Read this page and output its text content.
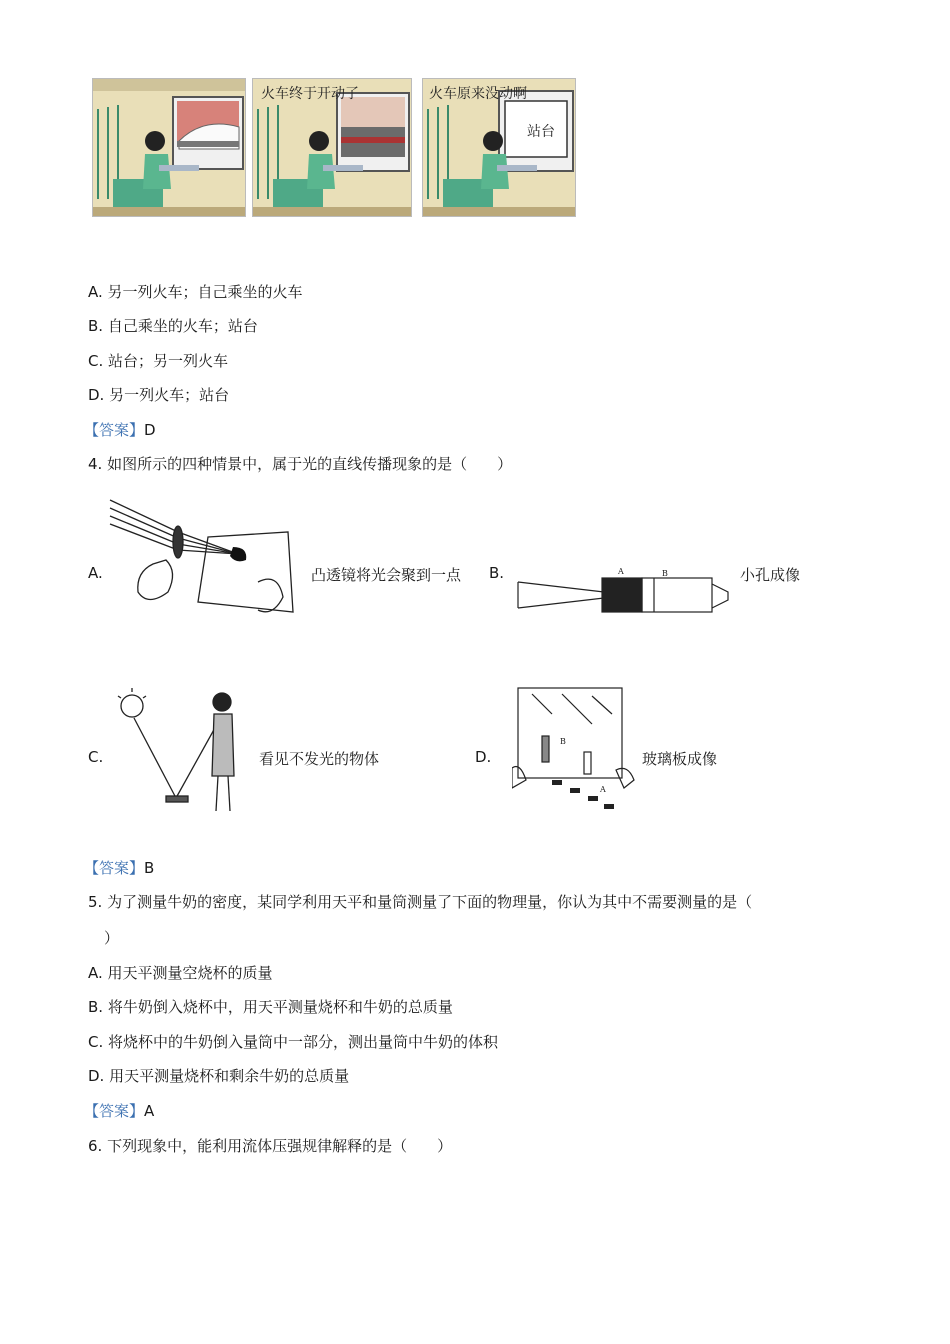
火车终于开动了	火车原来没动啊
站台
A. 另一列火车；自己乘坐的火车
B. 自己乘坐的火车；站台
C. 站台；另一列火车
D. 另一列火车；站台
【答案】D
4. 如图所示的四种情景中，属于光的直线传播现象的是（　　）
A.	凸透镜将光会聚到一点 B.	A	B	小孔成像
C.	看见不发光的物体	D.
B
A
玻璃板成像
【答案】B
5. 为了测量牛奶的密度，某同学利用天平和量筒测量了下面的物理量，你认为其中不需要测量的是（
）
A. 用天平测量空烧杯的质量
B. 将牛奶倒入烧杯中，用天平测量烧杯和牛奶的总质量
C. 将烧杯中的牛奶倒入量筒中一部分，测出量筒中牛奶的体积
D. 用天平测量烧杯和剩余牛奶的总质量
【答案】A
6. 下列现象中，能利用流体压强规律解释的是（　　）
